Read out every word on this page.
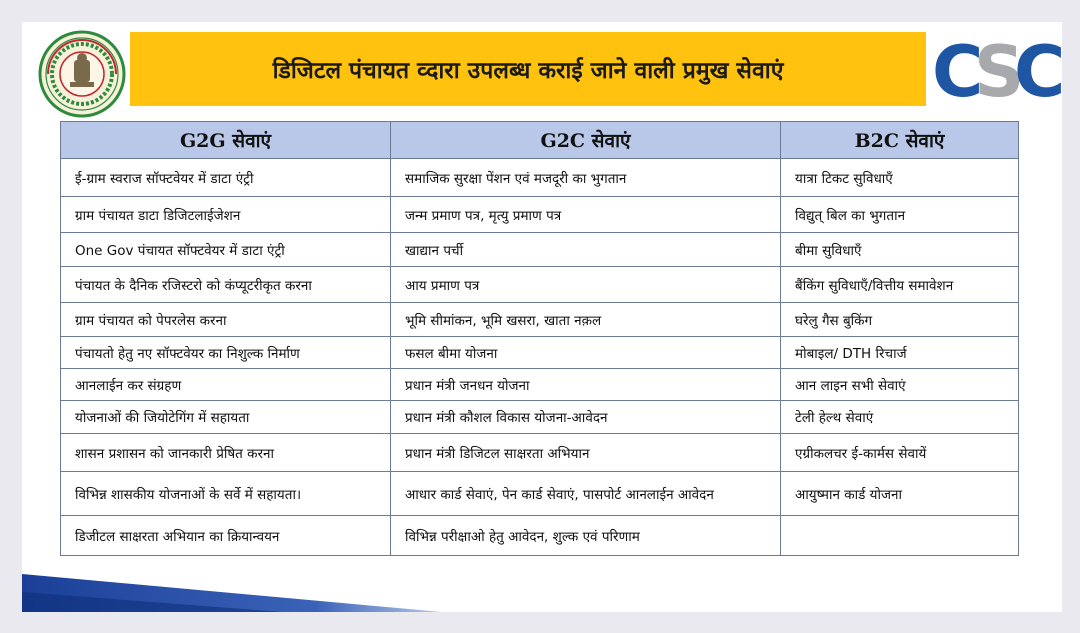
डिजिटल पंचायत व्दारा उपलब्ध कराई जाने वाली प्रमुख सेवाएं C
S
C
G2G सेवाएं	G2C सेवाएं	B2C सेवाएं
ई-ग्राम स्वराज सॉफ्टवेयर में डाटा एंट्री	समाजिक सुरक्षा पेंशन एवं मजदूरी का भुगतान	यात्रा टिकट सुविधाएँ
ग्राम पंचायत डाटा डिजिटलाईजेशन	जन्म प्रमाण पत्र, मृत्यु प्रमाण पत्र	विद्युत् बिल का भुगतान
One Gov पंचायत सॉफ्टवेयर में डाटा एंट्री	खाद्यान पर्ची	बीमा सुविधाएँ
पंचायत के दैनिक रजिस्टरो को कंप्यूटरीकृत करना	आय प्रमाण पत्र	बैंकिंग सुविधाएँ/वित्तीय समावेशन
ग्राम पंचायत को पेपरलेस करना	भूमि सीमांकन, भूमि खसरा, खाता नक़ल	घरेलु गैस बुकिंग
पंचायतो हेतु नए सॉफ्टवेयर का निशुल्क निर्माण	फसल बीमा योजना	मोबाइल/ DTH रिचार्ज
आनलाईन कर संग्रहण	प्रधान मंत्री जनधन योजना	आन लाइन सभी सेवाएं
योजनाओं की जियोटेगिंग में सहायता	प्रधान मंत्री कौशल विकास योजना-आवेदन	टेली हेल्थ सेवाएं
शासन प्रशासन को जानकारी प्रेषित करना	प्रधान मंत्री डिजिटल साक्षरता अभियान	एग्रीकलचर ई-कार्मस सेवायें
विभिन्न शासकीय योजनाओं के सर्वे में सहायता।	आधार कार्ड सेवाएं, पेन कार्ड सेवाएं, पासपोर्ट आनलाईन आवेदन	आयुष्मान कार्ड योजना
डिजीटल साक्षरता अभियान का क्रियान्वयन	विभिन्न परीक्षाओ हेतु आवेदन, शुल्क एवं परिणाम	
